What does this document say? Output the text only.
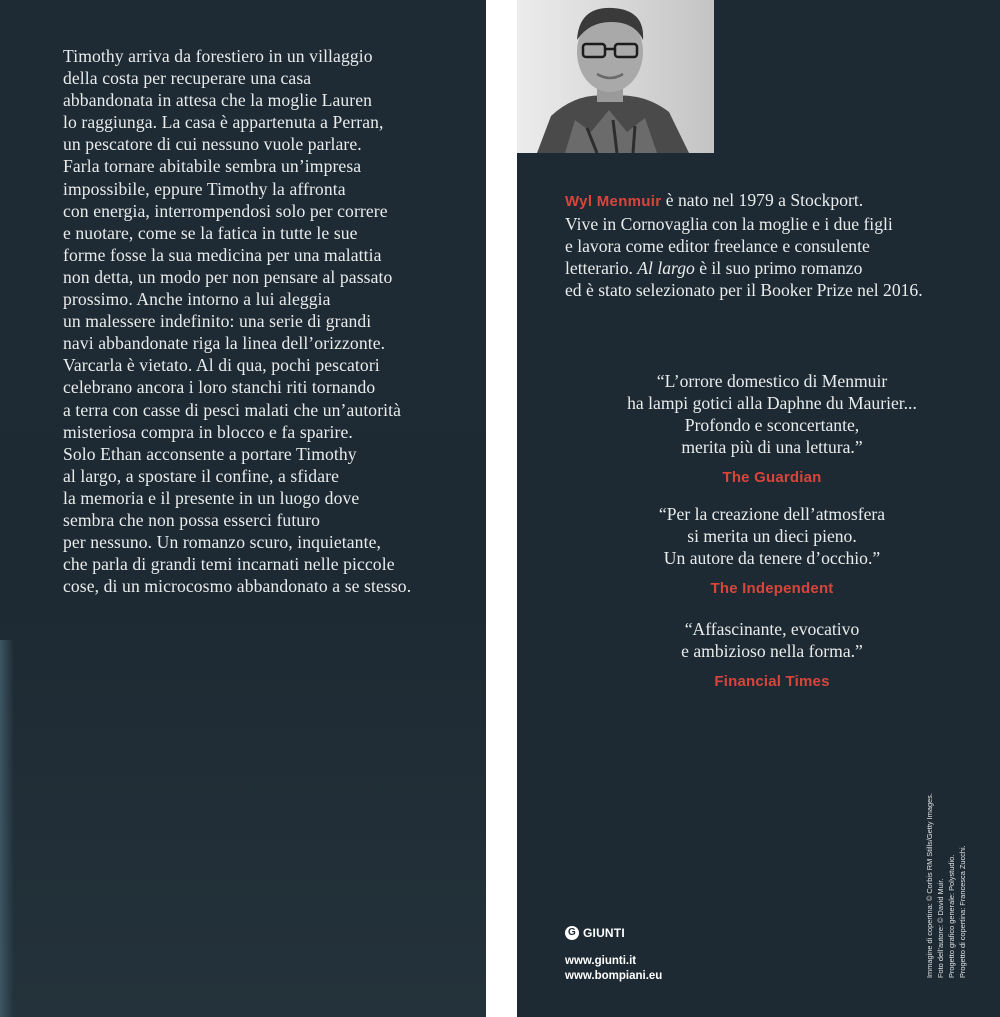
Timothy arriva da forestiero in un villaggio
della costa per recuperare una casa
abbandonata in attesa che la moglie Lauren
lo raggiunga. La casa è appartenuta a Perran,
un pescatore di cui nessuno vuole parlare.
Farla tornare abitabile sembra un’impresa
impossibile, eppure Timothy la affronta
con energia, interrompendosi solo per correre
e nuotare, come se la fatica in tutte le sue
forme fosse la sua medicina per una malattia
non detta, un modo per non pensare al passato
prossimo. Anche intorno a lui aleggia
un malessere indefinito: una serie di grandi
navi abbandonate riga la linea dell’orizzonte.
Varcarla è vietato. Al di qua, pochi pescatori
celebrano ancora i loro stanchi riti tornando
a terra con casse di pesci malati che un’autorità
misteriosa compra in blocco e fa sparire.
Solo Ethan acconsente a portare Timothy
al largo, a spostare il confine, a sfidare
la memoria e il presente in un luogo dove
sembra che non possa esserci futuro
per nessuno. Un romanzo scuro, inquietante,
che parla di grandi temi incarnati nelle piccole
cose, di un microcosmo abbandonato a se stesso.

Wyl Menmuir è nato nel 1979 a Stockport.
Vive in Cornovaglia con la moglie e i due figli
e lavora come editor freelance e consulente
letterario. Al largo è il suo primo romanzo
ed è stato selezionato per il Booker Prize nel 2016.

“L’orrore domestico di Menmuir
ha lampi gotici alla Daphne du Maurier...
Profondo e sconcertante,
merita più di una lettura.”
The Guardian
“Per la creazione dell’atmosfera
si merita un dieci pieno.
Un autore da tenere d’occhio.”
The Independent
“Affascinante, evocativo
e ambizioso nella forma.”
Financial Times
G GIUNTI
www.giunti.it
www.bompiani.eu	Immagine di copertina: © Corbis RM Stills/Getty Images. Foto dell’autore: © David Muir. Progetto grafico generale: Polystudio. Progetto di copertina: Francesca Zucchi.
